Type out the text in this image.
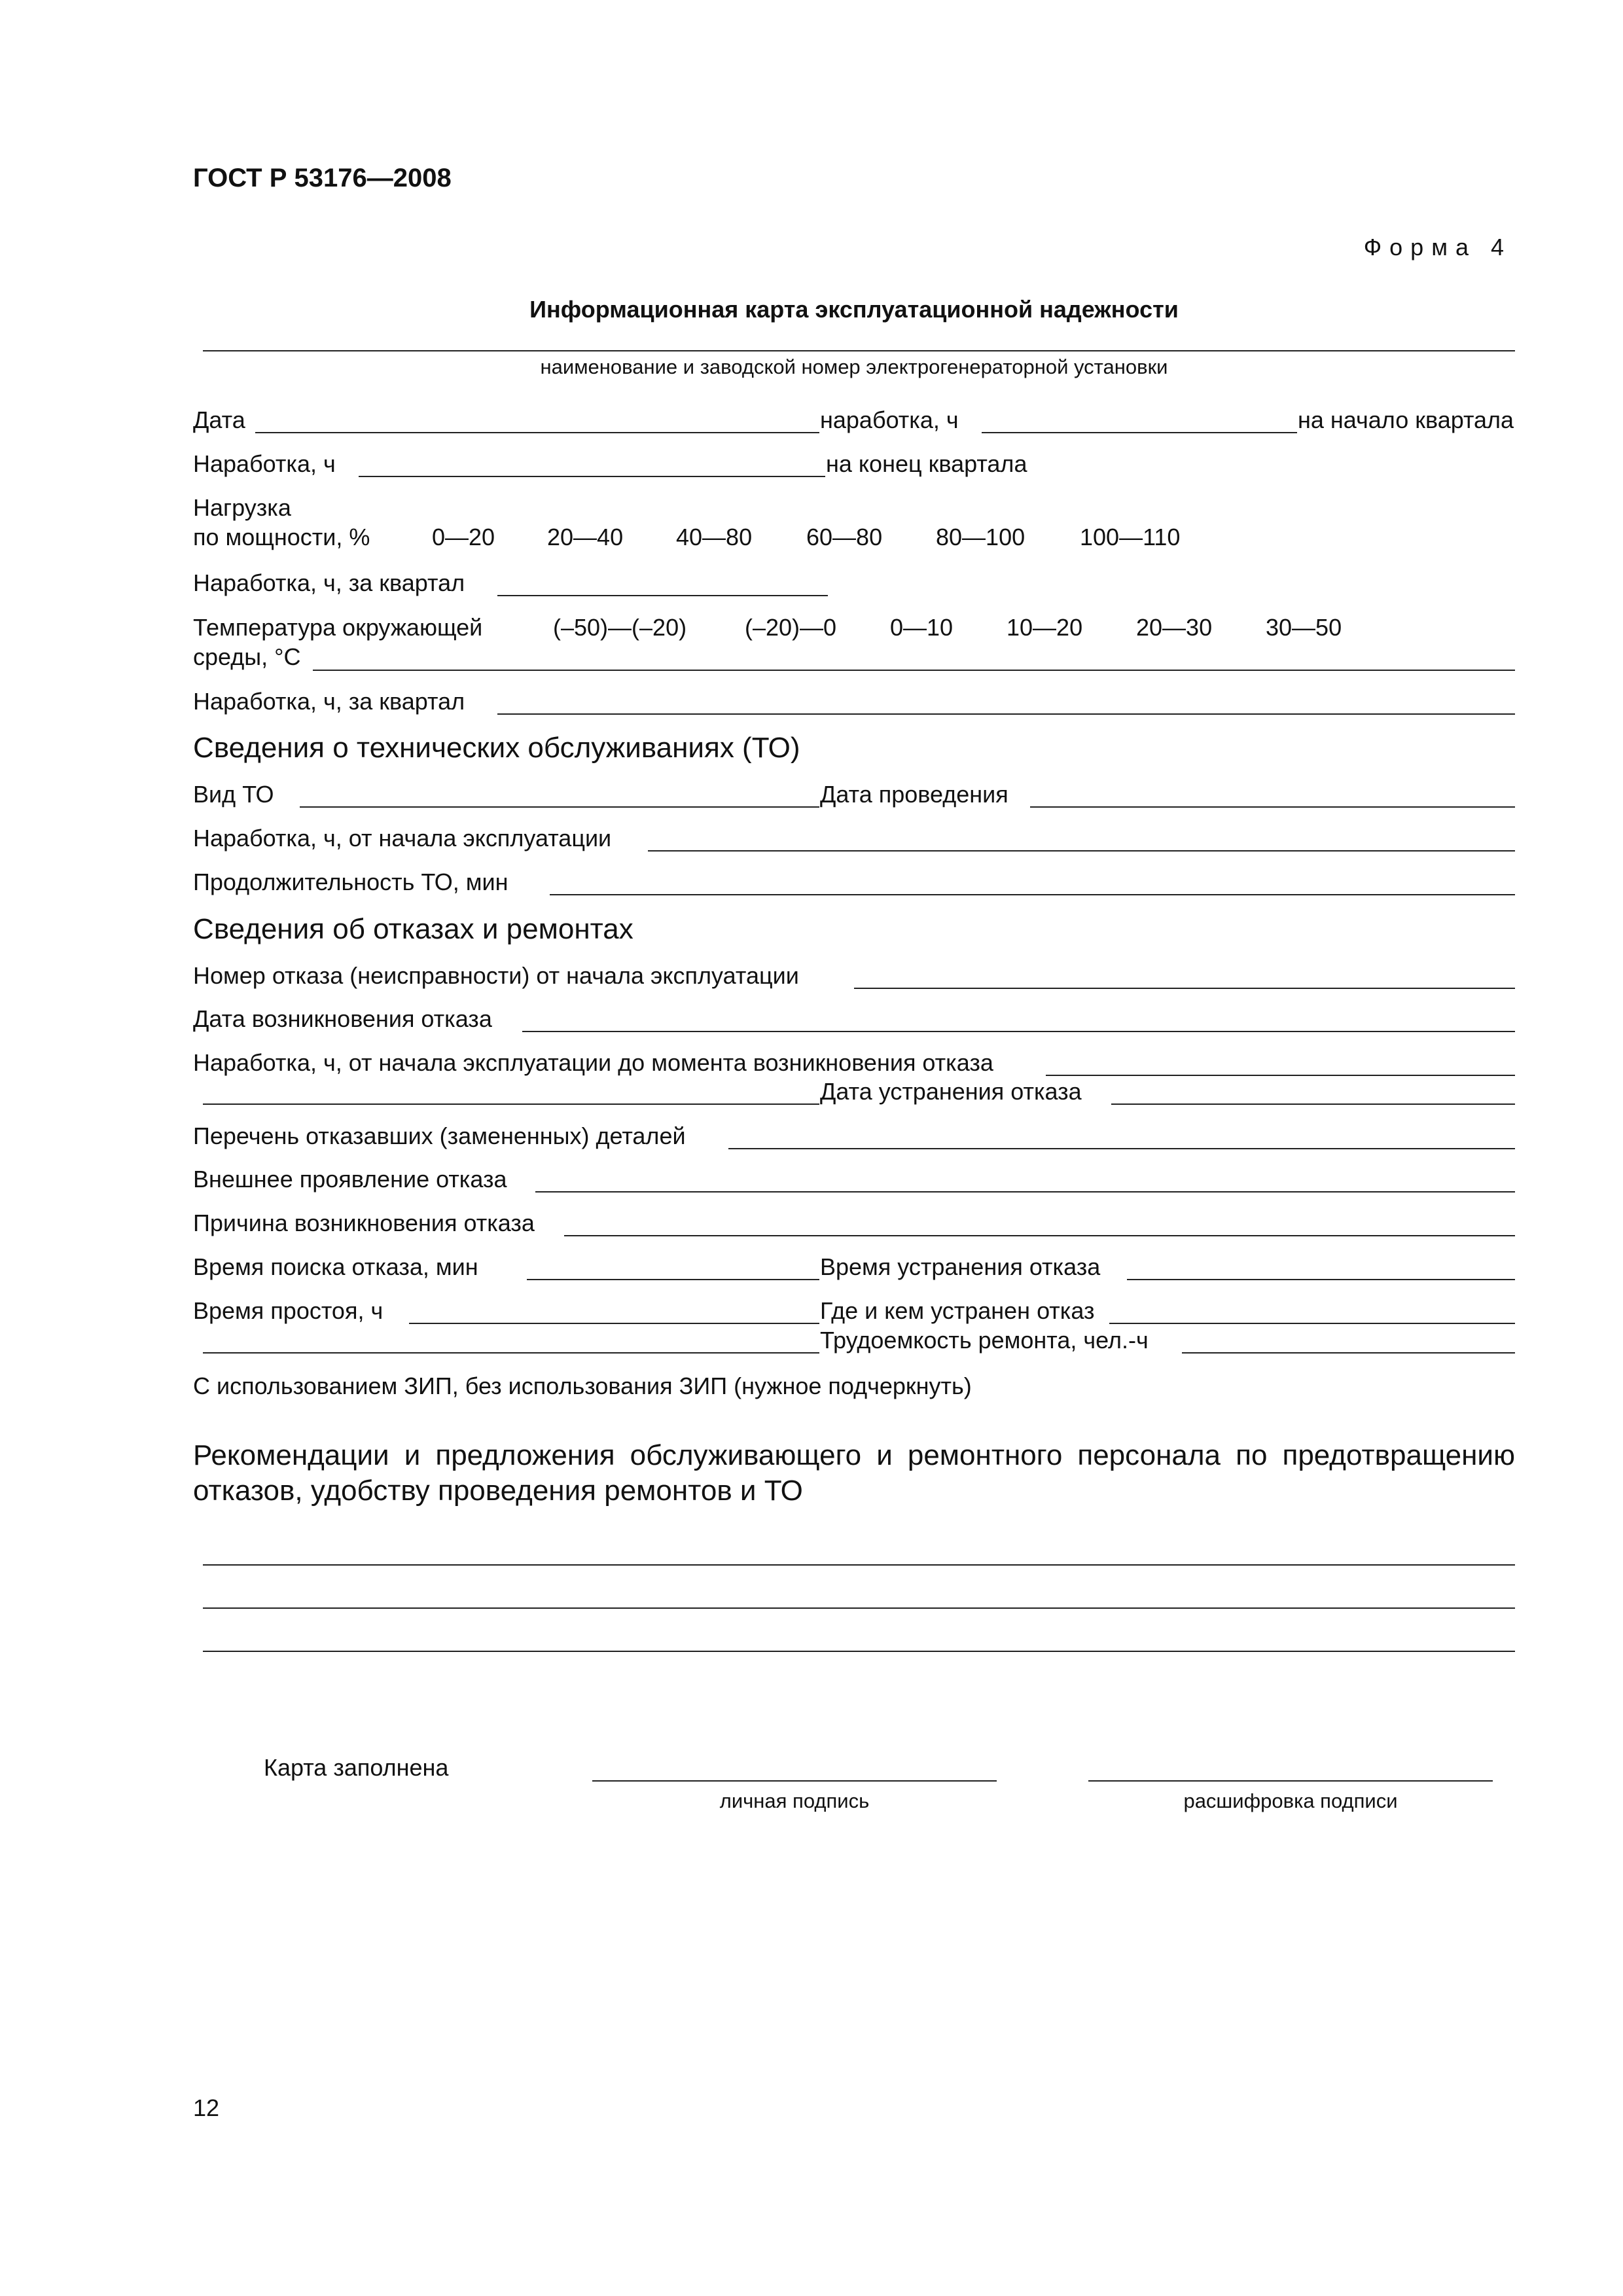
ГОСТ Р 53176—2008
Форма 4
Информационная карта эксплуатационной надежности
наименование и заводской номер электрогенераторной установки
Дата	наработка, ч	на начало квартала
Наработка, ч	на конец квартала
Нагрузка
по мощности, %	0—20 20—40 40—80 60—80 80—100 100—110
Наработка, ч, за квартал
Температура окружающей	(–50)—(–20) (–20)—0 0—10 10—20 20—30 30—50
среды, °С
Наработка, ч, за квартал
Сведения о технических обслуживаниях (ТО)
Вид ТО	Дата проведения
Наработка, ч, от начала эксплуатации
Продолжительность ТО, мин
Сведения об отказах и ремонтах
Номер отказа (неисправности) от начала эксплуатации
Дата возникновения отказа
Наработка, ч, от начала эксплуатации до момента возникновения отказа
Дата устранения отказа
Перечень отказавших (замененных) деталей
Внешнее проявление отказа
Причина возникновения отказа
Время поиска отказа, мин	Время устранения отказа
Время простоя, ч	Где и кем устранен отказ
Трудоемкость ремонта, чел.-ч
С использованием ЗИП, без использования ЗИП (нужное подчеркнуть)
Рекомендации и предложения обслуживающего и ремонтного персонала по предотвращению отказов, удобству проведения ремонтов и ТО
Карта заполнена
личная подпись	расшифровка подписи
12
